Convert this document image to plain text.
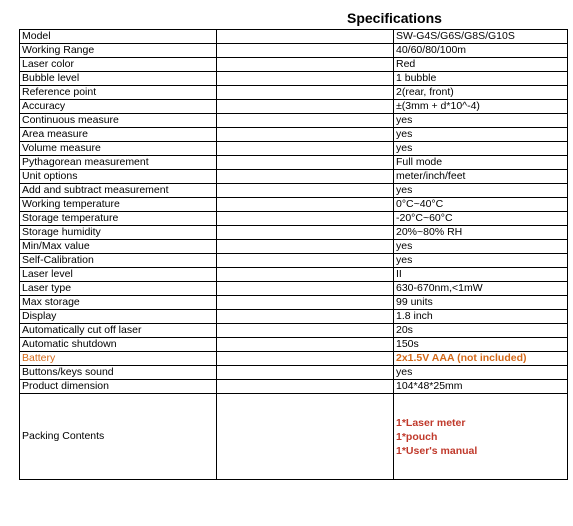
Specifications
Model		SW-G4S/G6S/G8S/G10S
Working Range		40/60/80/100m
Laser color		Red
Bubble level		1 bubble
Reference point		2(rear, front)
Accuracy		±(3mm + d*10^-4)
Continuous measure		yes
Area measure		yes
Volume measure		yes
Pythagorean measurement		Full mode
Unit options		meter/inch/feet
Add and subtract measurement		yes
Working temperature		0°C~40°C
Storage temperature		-20°C~60°C
Storage humidity		20%~80% RH
Min/Max value		yes
Self-Calibration		yes
Laser level		II
Laser type		630-670nm,<1mW
Max storage		99 units
Display		1.8 inch
Automatically cut off laser		20s
Automatic shutdown		150s
Battery		2x1.5V AAA (not included)
Buttons/keys sound		yes
Product dimension		104*48*25mm
Packing Contents		1*Laser meter
1*pouch
1*User's manual
